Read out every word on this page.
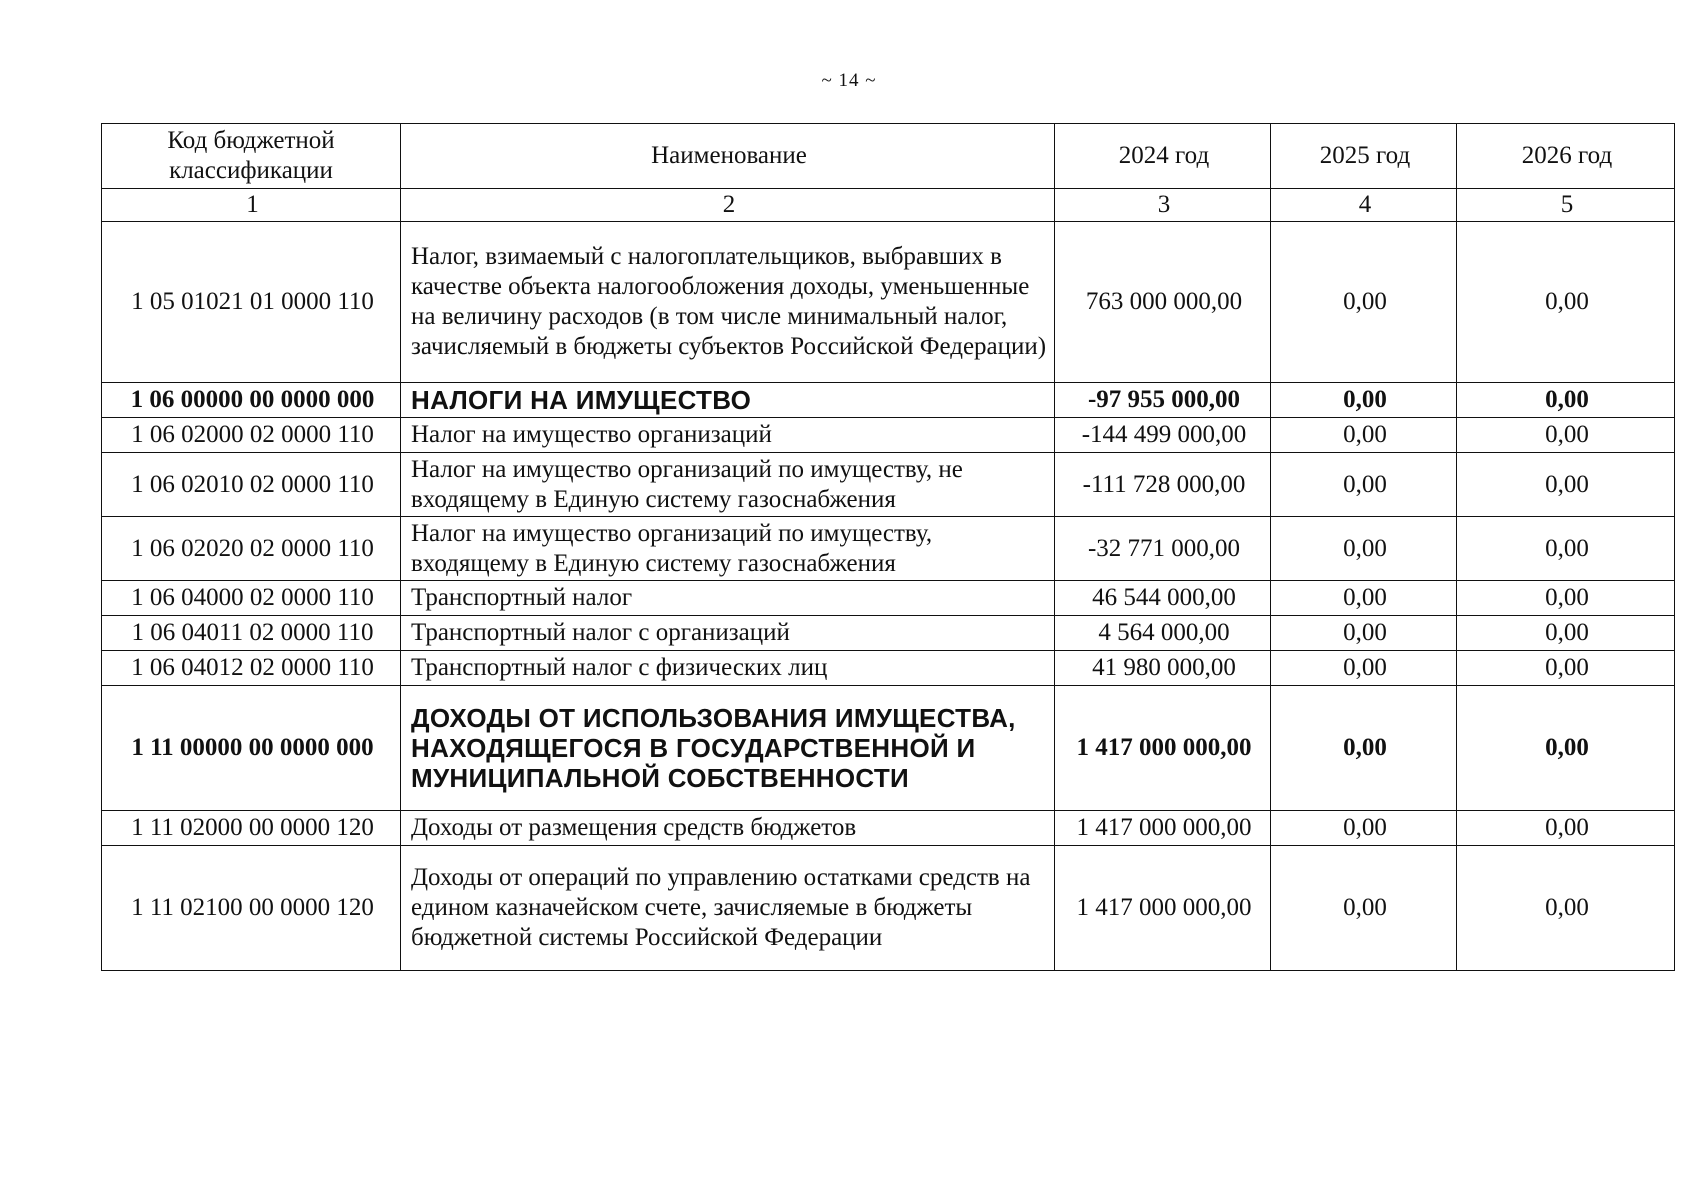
~ 14 ~
Код бюджетной классификации	Наименование	2024 год	2025 год	2026 год
1	2	3	4	5
1 05 01021 01 0000 110	Налог, взимаемый с налогоплательщиков, выбравших в качестве объекта налогообложения доходы, уменьшенные на величину расходов (в том числе минимальный налог, зачисляемый в бюджеты субъектов Российской Федерации)	763 000 000,00	0,00	0,00
1 06 00000 00 0000 000	НАЛОГИ НА ИМУЩЕСТВО	-97 955 000,00	0,00	0,00
1 06 02000 02 0000 110	Налог на имущество организаций	-144 499 000,00	0,00	0,00
1 06 02010 02 0000 110	Налог на имущество организаций по имуществу, не входящему в Единую систему газоснабжения	-111 728 000,00	0,00	0,00
1 06 02020 02 0000 110	Налог на имущество организаций по имуществу, входящему в Единую систему газоснабжения	-32 771 000,00	0,00	0,00
1 06 04000 02 0000 110	Транспортный налог	46 544 000,00	0,00	0,00
1 06 04011 02 0000 110	Транспортный налог с организаций	4 564 000,00	0,00	0,00
1 06 04012 02 0000 110	Транспортный налог с физических лиц	41 980 000,00	0,00	0,00
1 11 00000 00 0000 000	ДОХОДЫ ОТ ИСПОЛЬЗОВАНИЯ ИМУЩЕСТВА, НАХОДЯЩЕГОСЯ В ГОСУДАРСТВЕННОЙ И МУНИЦИПАЛЬНОЙ СОБСТВЕННОСТИ	1 417 000 000,00	0,00	0,00
1 11 02000 00 0000 120	Доходы от размещения средств бюджетов	1 417 000 000,00	0,00	0,00
1 11 02100 00 0000 120	Доходы от операций по управлению остатками средств на едином казначейском счете, зачисляемые в бюджеты бюджетной системы Российской Федерации	1 417 000 000,00	0,00	0,00
